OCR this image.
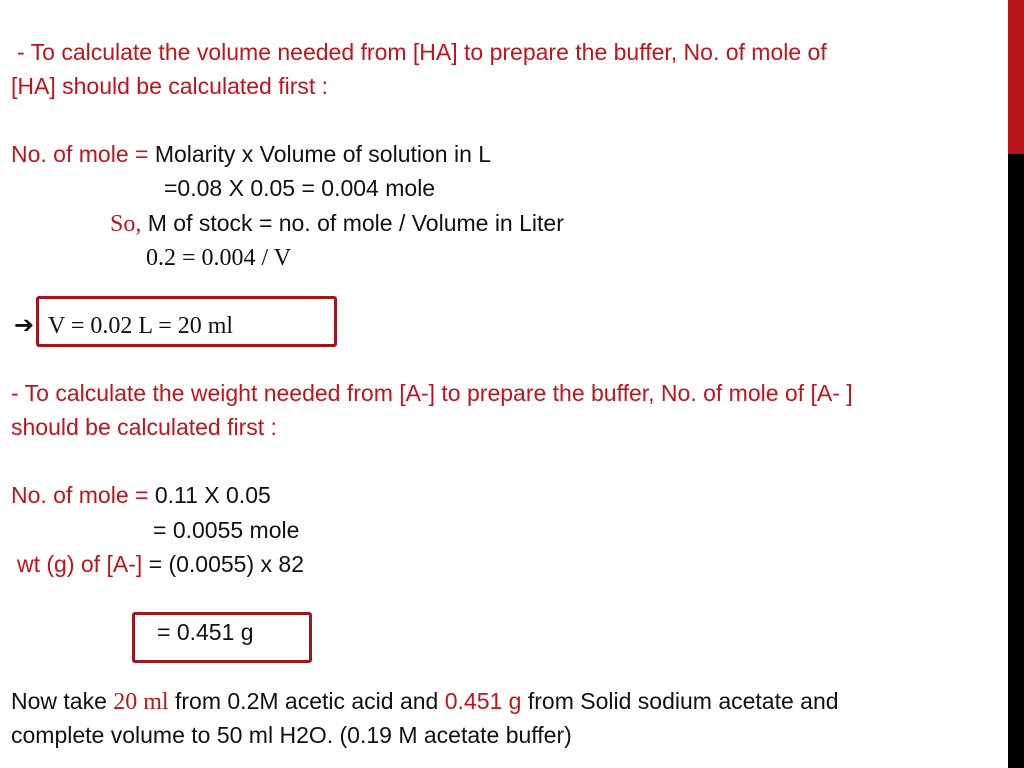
- To calculate the volume needed from [HA] to prepare the buffer, No. of mole of
[HA] should be calculated first :
No. of mole = Molarity x Volume of solution in L
=0.08 X 0.05 = 0.004 mole
So, M of stock = no. of mole / Volume in Liter
0.2 = 0.004 / V
➔ V = 0.02 L = 20 ml
- To calculate the weight needed from [A-] to prepare the buffer, No. of mole of [A- ]
should be calculated first :
No. of mole = 0.11 X 0.05
= 0.0055 mole
wt (g) of [A-] = (0.0055) x 82
= 0.451 g
Now take 20 ml from 0.2M acetic acid and 0.451 g from Solid sodium acetate and
complete volume to 50 ml H2O. (0.19 M acetate buffer)
